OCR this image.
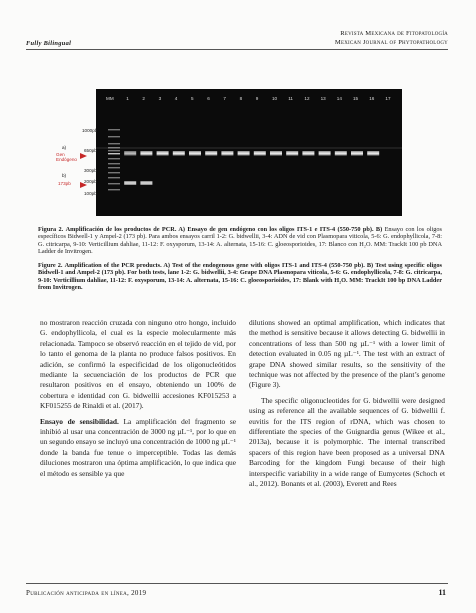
Fully Bilingual
Revista Mexicana de Fitopatología
Mexican Journal of Phytopathology
MM	1	2	3	4	5	6	7	8	9	10 11 12 13 14 15 16 17
1000pb
650pb
300pb
200pb
100pb
a)
Gen Endógeno
b)
173pb
Figura 2. Amplificación de los productos de PCR. A) Ensayo de gen endógeno con los oligos ITS-1 e ITS-4 (550-750 pb). B) Ensayo con los oligos específicos Bidwell-1 y Ampel-2 (173 pb). Para ambos ensayos carril 1-2: G. bidwellii, 3-4: ADN de vid con Plasmopara viticola, 5-6: G. endophyllicola, 7-8: G. citricarpa, 9-10: Verticillium dahliae, 11-12: F. oxysporum, 13-14: A. alternata, 15-16: C. gloeosporioides, 17: Blanco con H₂O. MM: TrackIt 100 pb DNA Ladder de Invitrogen.
Figure 2. Amplification of the PCR products. A) Test of the endogenous gene with oligos ITS-1 and ITS-4 (550-750 pb). B) Test using specific oligos Bidwell-1 and Ampel-2 (173 pb). For both tests, lane 1-2: G. bidwellii, 3-4: Grape DNA Plasmopara viticola, 5-6: G. endophyllicola, 7-8: G. citricarpa, 9-10: Verticillium dahliae, 11-12: F. oxysporum, 13-14: A. alternata, 15-16: C. gloeosporioides, 17: Blank with H₂O. MM: TrackIt 100 bp DNA Ladder from Invitrogen.

no mostraron reacción cruzada con ninguno otro hongo, incluido G. endophyllicola, el cual es la especie molecularmente más relacionada. Tampoco se observó reacción en el tejido de vid, por lo tanto el genoma de la planta no produce falsos positivos. En adición, se confirmó la especificidad de los oligonucleótidos mediante la secuenciación de los productos de PCR que resultaron positivos en el ensayo, obteniendo un 100% de cobertura e identidad con G. bidwellii accesiones KF015253 a KF015255 de Rinaldi et al. (2017).

Ensayo de sensibilidad. La amplificación del fragmento se inhibió al usar una concentración de 3000 ng µL⁻¹, por lo que en un segundo ensayo se incluyó una concentración de 1000 ng µL⁻¹ donde la banda fue tenue o imperceptible. Todas las demás diluciones mostraron una óptima amplificación, lo que indica que el método es sensible ya que

dilutions showed an optimal amplification, which indicates that the method is sensitive because it allows detecting G. bidwellii in concentrations of less than 500 ng µL⁻¹ with a lower limit of detection evaluated in 0.05 ng µL⁻¹. The test with an extract of grape DNA showed similar results, so the sensitivity of the technique was not affected by the presence of the plant’s genome (Figure 3).

The specific oligonucleotides for G. bidwellii were designed using as reference all the available sequences of G. bidwellii f. euvitis for the ITS region of rDNA, which was chosen to differentiate the species of the Guignardia genus (Wikee et al., 2013a), because it is polymorphic. The internal transcribed spacers of this region have been proposed as a universal DNA Barcoding for the kingdom Fungi because of their high interspecific variability in a wide range of Eumycetes (Schoch et al., 2012). Bonants et al. (2003), Everett and Rees

Publicación anticipada en línea, 2019	11
